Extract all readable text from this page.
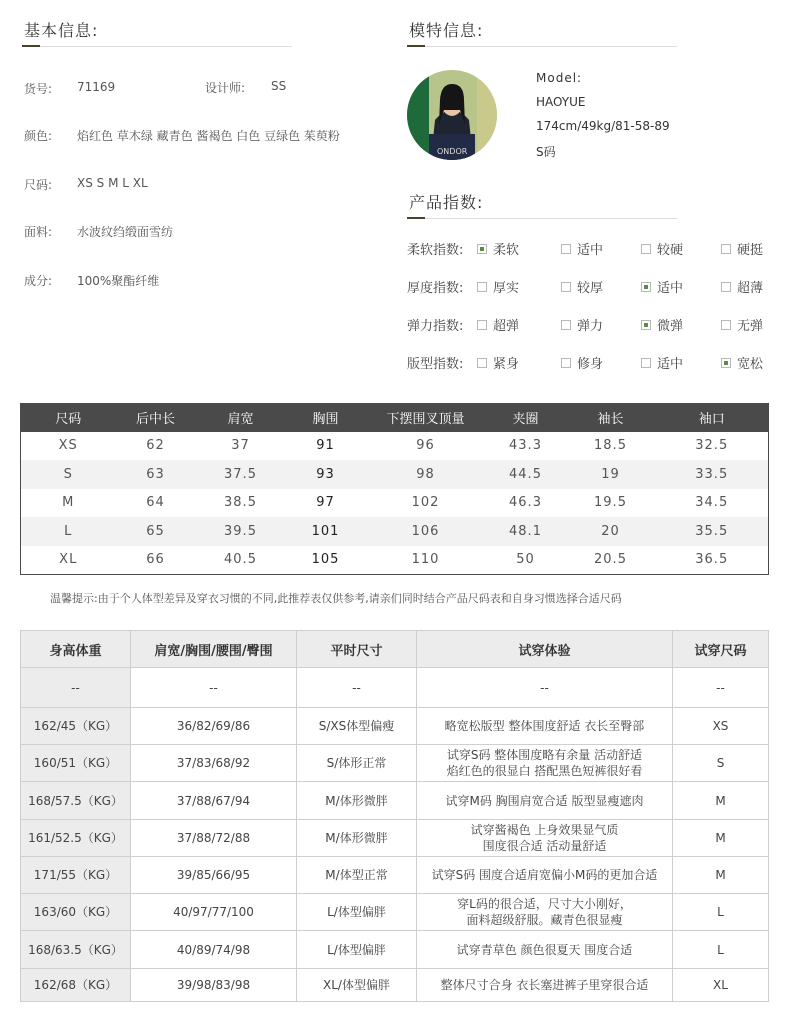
基本信息:
货号: 71169	设计师: SS
颜色: 焰红色 草木绿 藏青色 酱褐色 白色 豆绿色 茱萸粉
尺码: XS S M L XL
面料: 水波纹绉缎面雪纺
成分: 100%聚酯纤维
模特信息:
ONDOR
Model:
HAOYUE
174cm/49kg/81-58-89
S码
产品指数:
柔软指数: 柔软	适中	较硬	硬挺
厚度指数: 厚实	较厚	适中	超薄
弹力指数: 超弹	弹力	微弹	无弹
版型指数: 紧身	修身	适中	宽松
尺码	后中长	肩宽	胸围	下摆围叉顶量	夹圈	袖长	袖口
XS	62	37	91	96	43.3	18.5	32.5
S	63	37.5	93	98	44.5	19	33.5
M	64	38.5	97	102	46.3	19.5	34.5
L	65	39.5	101	106	48.1	20	35.5
XL	66	40.5	105	110	50	20.5	36.5
温馨提示:由于个人体型差异及穿衣习惯的不同,此推荐表仅供参考,请亲们同时结合产品尺码表和自身习惯选择合适尺码
身高体重	肩宽/胸围/腰围/臀围	平时尺寸	试穿体验	试穿尺码
--	--	--	--	--
162/45（KG）	36/82/69/86	S/XS体型偏瘦	略宽松版型 整体围度舒适 衣长至臀部	XS
160/51（KG）	37/83/68/92	S/体形正常	试穿S码 整体围度略有余量 活动舒适
焰红色的很显白 搭配黑色短裤很好看	S
168/57.5（KG）	37/88/67/94	M/体形微胖	试穿M码 胸围肩宽合适 版型显瘦遮肉	M
161/52.5（KG）	37/88/72/88	M/体形微胖	试穿酱褐色 上身效果显气质
围度很合适 活动量舒适	M
171/55（KG）	39/85/66/95	M/体型正常	试穿S码 围度合适肩宽偏小M码的更加合适	M
163/60（KG）	40/97/77/100	L/体型偏胖	穿L码的很合适，尺寸大小刚好，
面料超级舒服。藏青色很显瘦	L
168/63.5（KG）	40/89/74/98	L/体型偏胖	试穿青草色 颜色很夏天 围度合适	L
162/68（KG）	39/98/83/98	XL/体型偏胖	整体尺寸合身 衣长塞进裤子里穿很合适	XL
